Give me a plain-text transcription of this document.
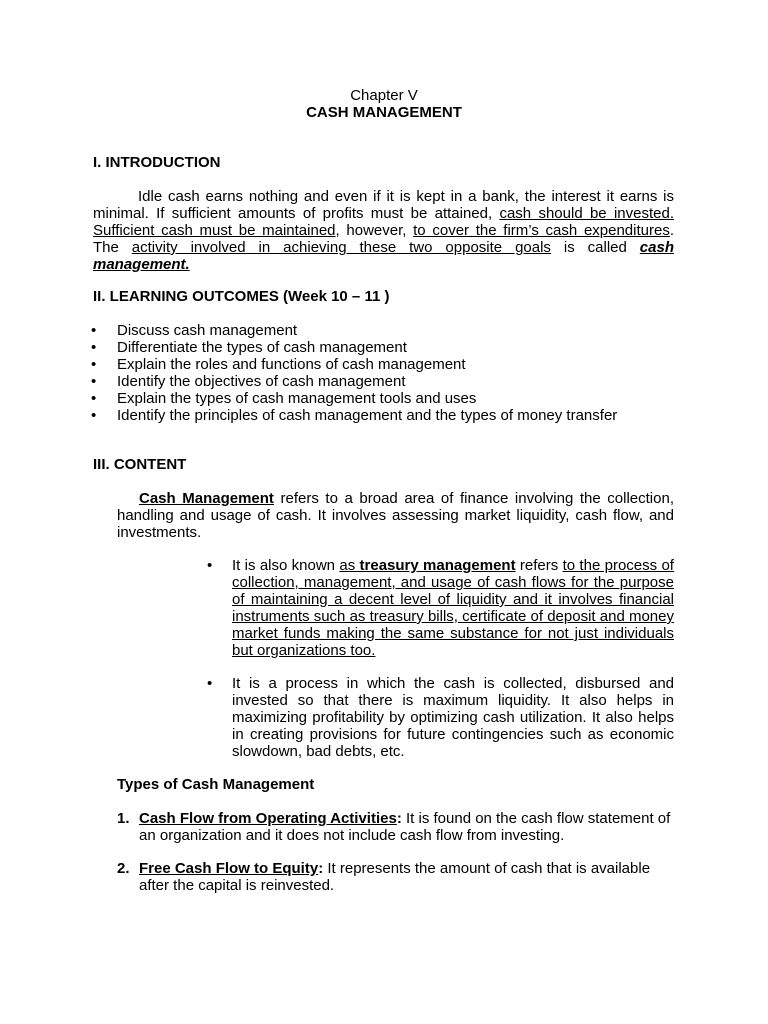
Chapter V
CASH MANAGEMENT
I. INTRODUCTION
Idle cash earns nothing and even if it is kept in a bank, the interest it earns is minimal. If sufficient amounts of profits must be attained, cash should be invested. Sufficient cash must be maintained, however, to cover the firm’s cash expenditures. The activity involved in achieving these two opposite goals is called cash management.
II. LEARNING OUTCOMES (Week 10 – 11 )
• Discuss cash management
• Differentiate the types of cash management
• Explain the roles and functions of cash management
• Identify the objectives of cash management
• Explain the types of cash management tools and uses
• Identify the principles of cash management and the types of money transfer
III. CONTENT
Cash Management refers to a broad area of finance involving the collection, handling and usage of cash. It involves assessing market liquidity, cash flow, and investments.
• It is also known as treasury management refers to the process of collection, management, and usage of cash flows for the purpose of maintaining a decent level of liquidity and it involves financial instruments such as treasury bills, certificate of deposit and money market funds making the same substance for not just individuals but organizations too.
• It is a process in which the cash is collected, disbursed and invested so that there is maximum liquidity. It also helps in maximizing profitability by optimizing cash utilization. It also helps in creating provisions for future contingencies such as economic slowdown, bad debts, etc.
Types of Cash Management
1. Cash Flow from Operating Activities: It is found on the cash flow statement of an organization and it does not include cash flow from investing.
2. Free Cash Flow to Equity: It represents the amount of cash that is available after the capital is reinvested.
